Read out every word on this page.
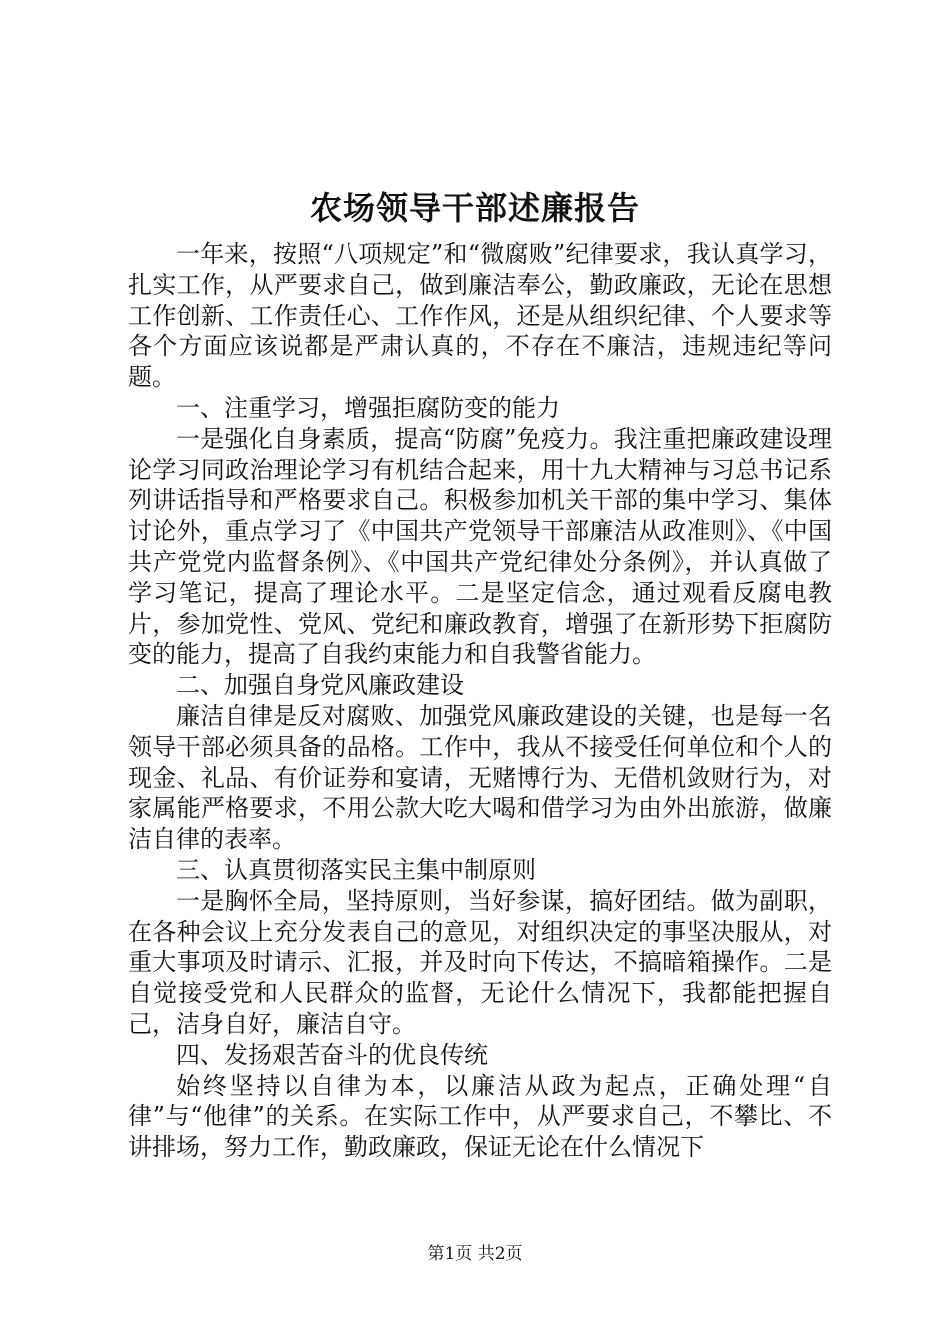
农场领导干部述廉报告

一年来，按照“八项规定”和“微腐败”纪律要求，我认真学习，扎实工作，从严要求自己，做到廉洁奉公，勤政廉政，无论在思想工作创新、工作责任心、工作作风，还是从组织纪律、个人要求等各个方面应该说都是严肃认真的，不存在不廉洁，违规违纪等问题。

一、注重学习，增强拒腐防变的能力

一是强化自身素质，提高“防腐”免疫力。我注重把廉政建设理论学习同政治理论学习有机结合起来，用十九大精神与习总书记系列讲话指导和严格要求自己。积极参加机关干部的集中学习、集体讨论外，重点学习了《中国共产党领导干部廉洁从政准则》、《中国共产党党内监督条例》、《中国共产党纪律处分条例》，并认真做了学习笔记，提高了理论水平。二是坚定信念，通过观看反腐电教片，参加党性、党风、党纪和廉政教育，增强了在新形势下拒腐防变的能力，提高了自我约束能力和自我警省能力。

二、加强自身党风廉政建设

廉洁自律是反对腐败、加强党风廉政建设的关键，也是每一名领导干部必须具备的品格。工作中，我从不接受任何单位和个人的现金、礼品、有价证券和宴请，无赌博行为、无借机敛财行为，对家属能严格要求，不用公款大吃大喝和借学习为由外出旅游，做廉洁自律的表率。

三、认真贯彻落实民主集中制原则

一是胸怀全局，坚持原则，当好参谋，搞好团结。做为副职，在各种会议上充分发表自己的意见，对组织决定的事坚决服从，对重大事项及时请示、汇报，并及时向下传达，不搞暗箱操作。二是自觉接受党和人民群众的监督，无论什么情况下，我都能把握自己，洁身自好，廉洁自守。

四、发扬艰苦奋斗的优良传统

始终坚持以自律为本，以廉洁从政为起点，正确处理“自律”与“他律”的关系。在实际工作中，从严要求自己，不攀比、不讲排场，努力工作，勤政廉政，保证无论在什么情况下

第1页 共2页
